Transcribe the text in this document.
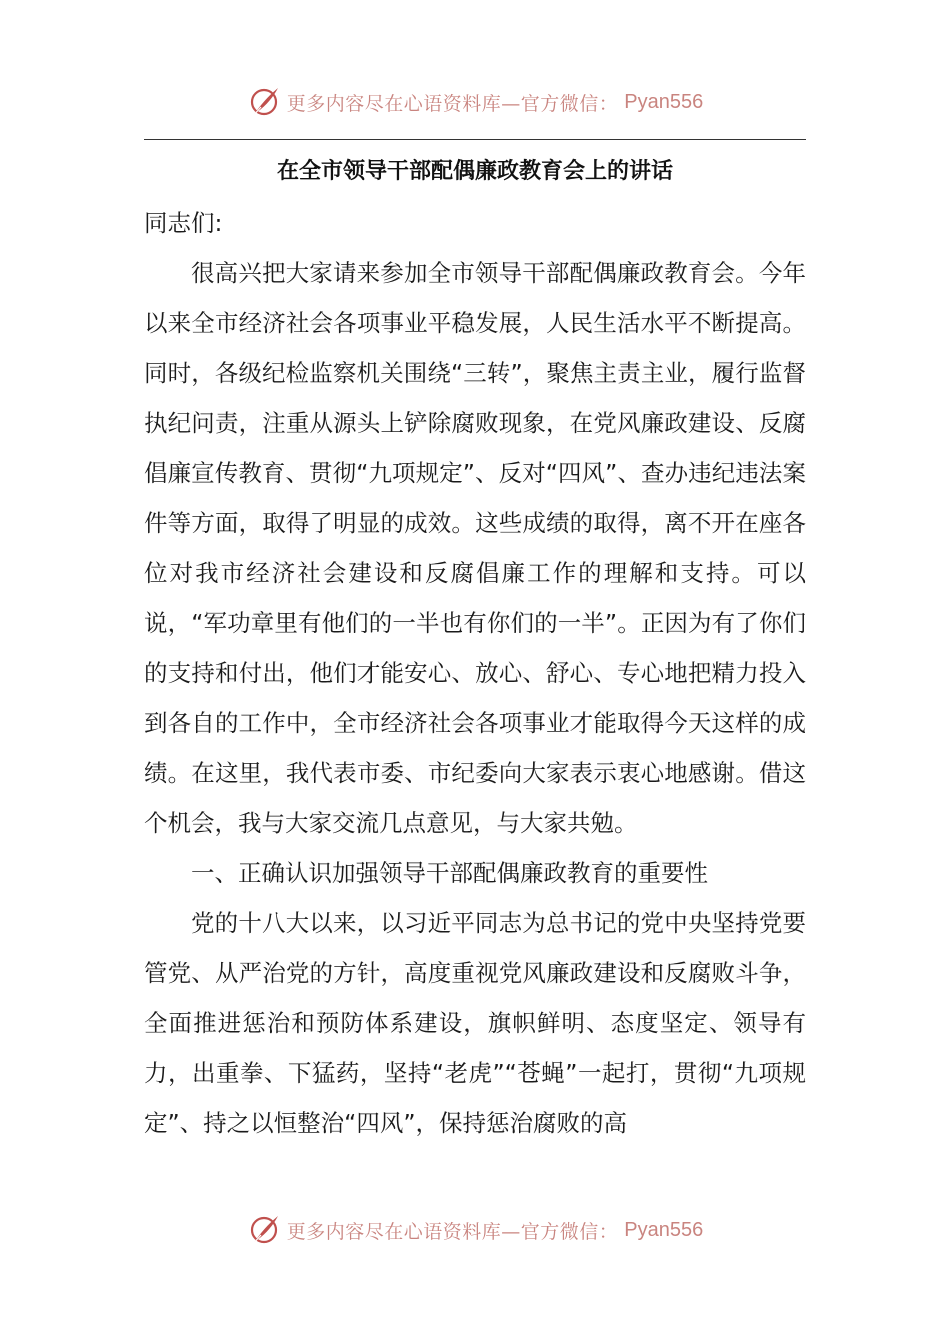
更多内容尽在心语资料库—官方微信： Pyan556
在全市领导干部配偶廉政教育会上的讲话

同志们:

很高兴把大家请来参加全市领导干部配偶廉政教育会。今年以来全市经济社会各项事业平稳发展，人民生活水平不断提高。同时，各级纪检监察机关围绕“三转”，聚焦主责主业，履行监督执纪问责，注重从源头上铲除腐败现象，在党风廉政建设、反腐倡廉宣传教育、贯彻“九项规定”、反对“四风”、查办违纪违法案件等方面，取得了明显的成效。这些成绩的取得，离不开在座各位对我市经济社会建设和反腐倡廉工作的理解和支持。可以说，“军功章里有他们的一半也有你们的一半”。正因为有了你们的支持和付出，他们才能安心、放心、舒心、专心地把精力投入到各自的工作中，全市经济社会各项事业才能取得今天这样的成绩。在这里，我代表市委、市纪委向大家表示衷心地感谢。借这个机会，我与大家交流几点意见，与大家共勉。

一、正确认识加强领导干部配偶廉政教育的重要性

党的十八大以来，以习近平同志为总书记的党中央坚持党要管党、从严治党的方针，高度重视党风廉政建设和反腐败斗争，全面推进惩治和预防体系建设，旗帜鲜明、态度坚定、领导有力，出重拳、下猛药，坚持“老虎”“苍蝇”一起打，贯彻“九项规定”、持之以恒整治“四风”，保持惩治腐败的高

更多内容尽在心语资料库—官方微信： Pyan556
